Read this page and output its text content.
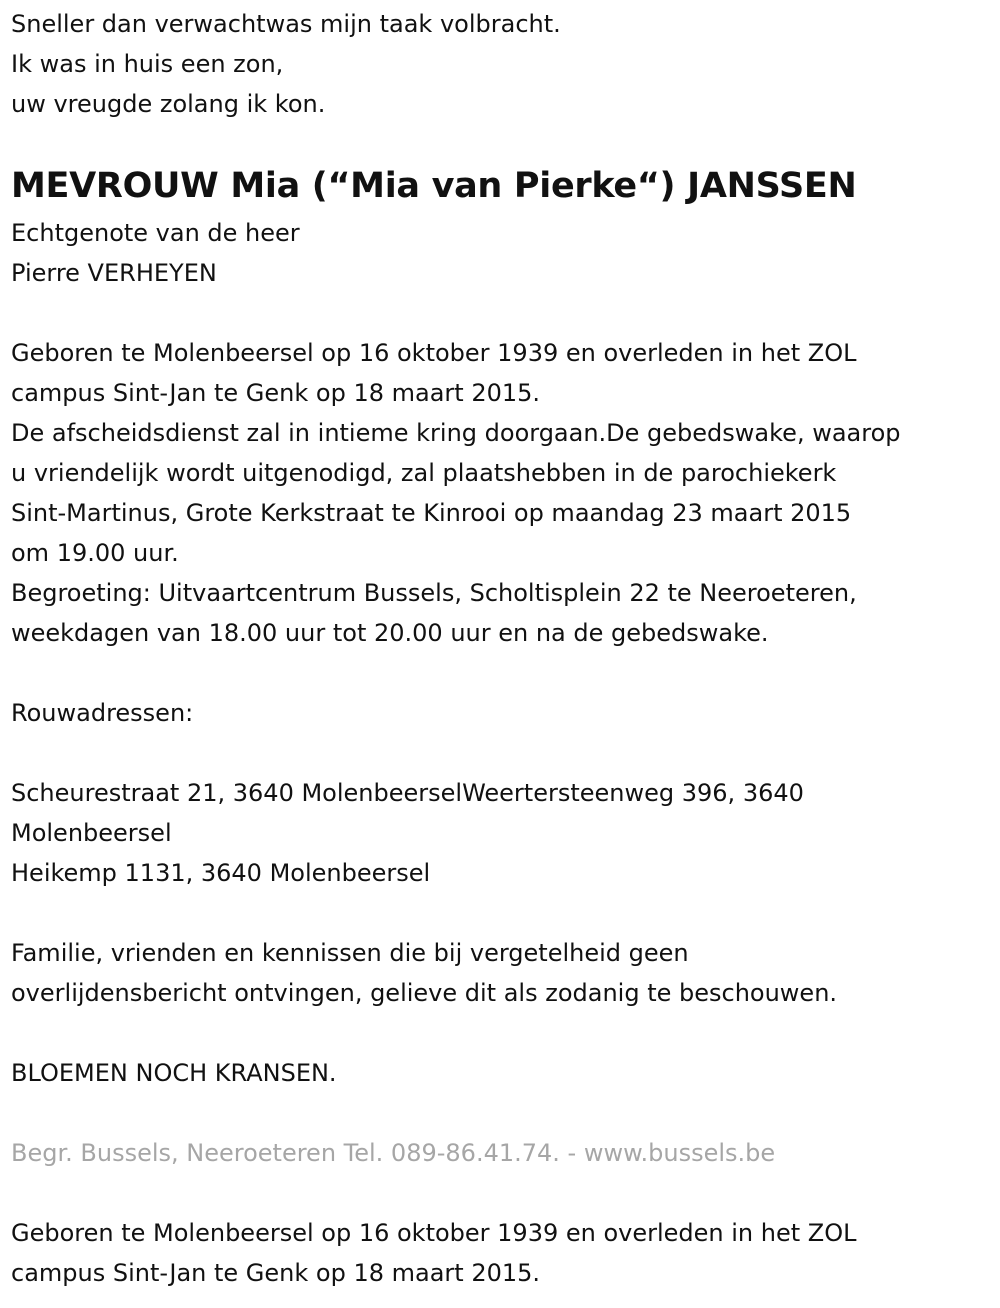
Sneller dan verwachtwas mijn taak volbracht.
Ik was in huis een zon,
uw vreugde zolang ik kon.
MEVROUW Mia (“Mia van Pierke“) JANSSEN
Echtgenote van de heer
Pierre VERHEYEN
Geboren te Molenbeersel op 16 oktober 1939 en overleden in het ZOL
campus Sint-Jan te Genk op 18 maart 2015.
De afscheidsdienst zal in intieme kring doorgaan.De gebedswake, waarop
u vriendelijk wordt uitgenodigd, zal plaatshebben in de parochiekerk
Sint-Martinus, Grote Kerkstraat te Kinrooi op maandag 23 maart 2015
om 19.00 uur.
Begroeting: Uitvaartcentrum Bussels, Scholtisplein 22 te Neeroeteren,
weekdagen van 18.00 uur tot 20.00 uur en na de gebedswake.
Rouwadressen:
Scheurestraat 21, 3640 MolenbeerselWeertersteenweg 396, 3640
Molenbeersel
Heikemp 1131, 3640 Molenbeersel
Familie, vrienden en kennissen die bij vergetelheid geen
overlijdensbericht ontvingen, gelieve dit als zodanig te beschouwen.
BLOEMEN NOCH KRANSEN.
Begr. Bussels, Neeroeteren Tel. 089-86.41.74. - www.bussels.be
Geboren te Molenbeersel op 16 oktober 1939 en overleden in het ZOL
campus Sint-Jan te Genk op 18 maart 2015.
